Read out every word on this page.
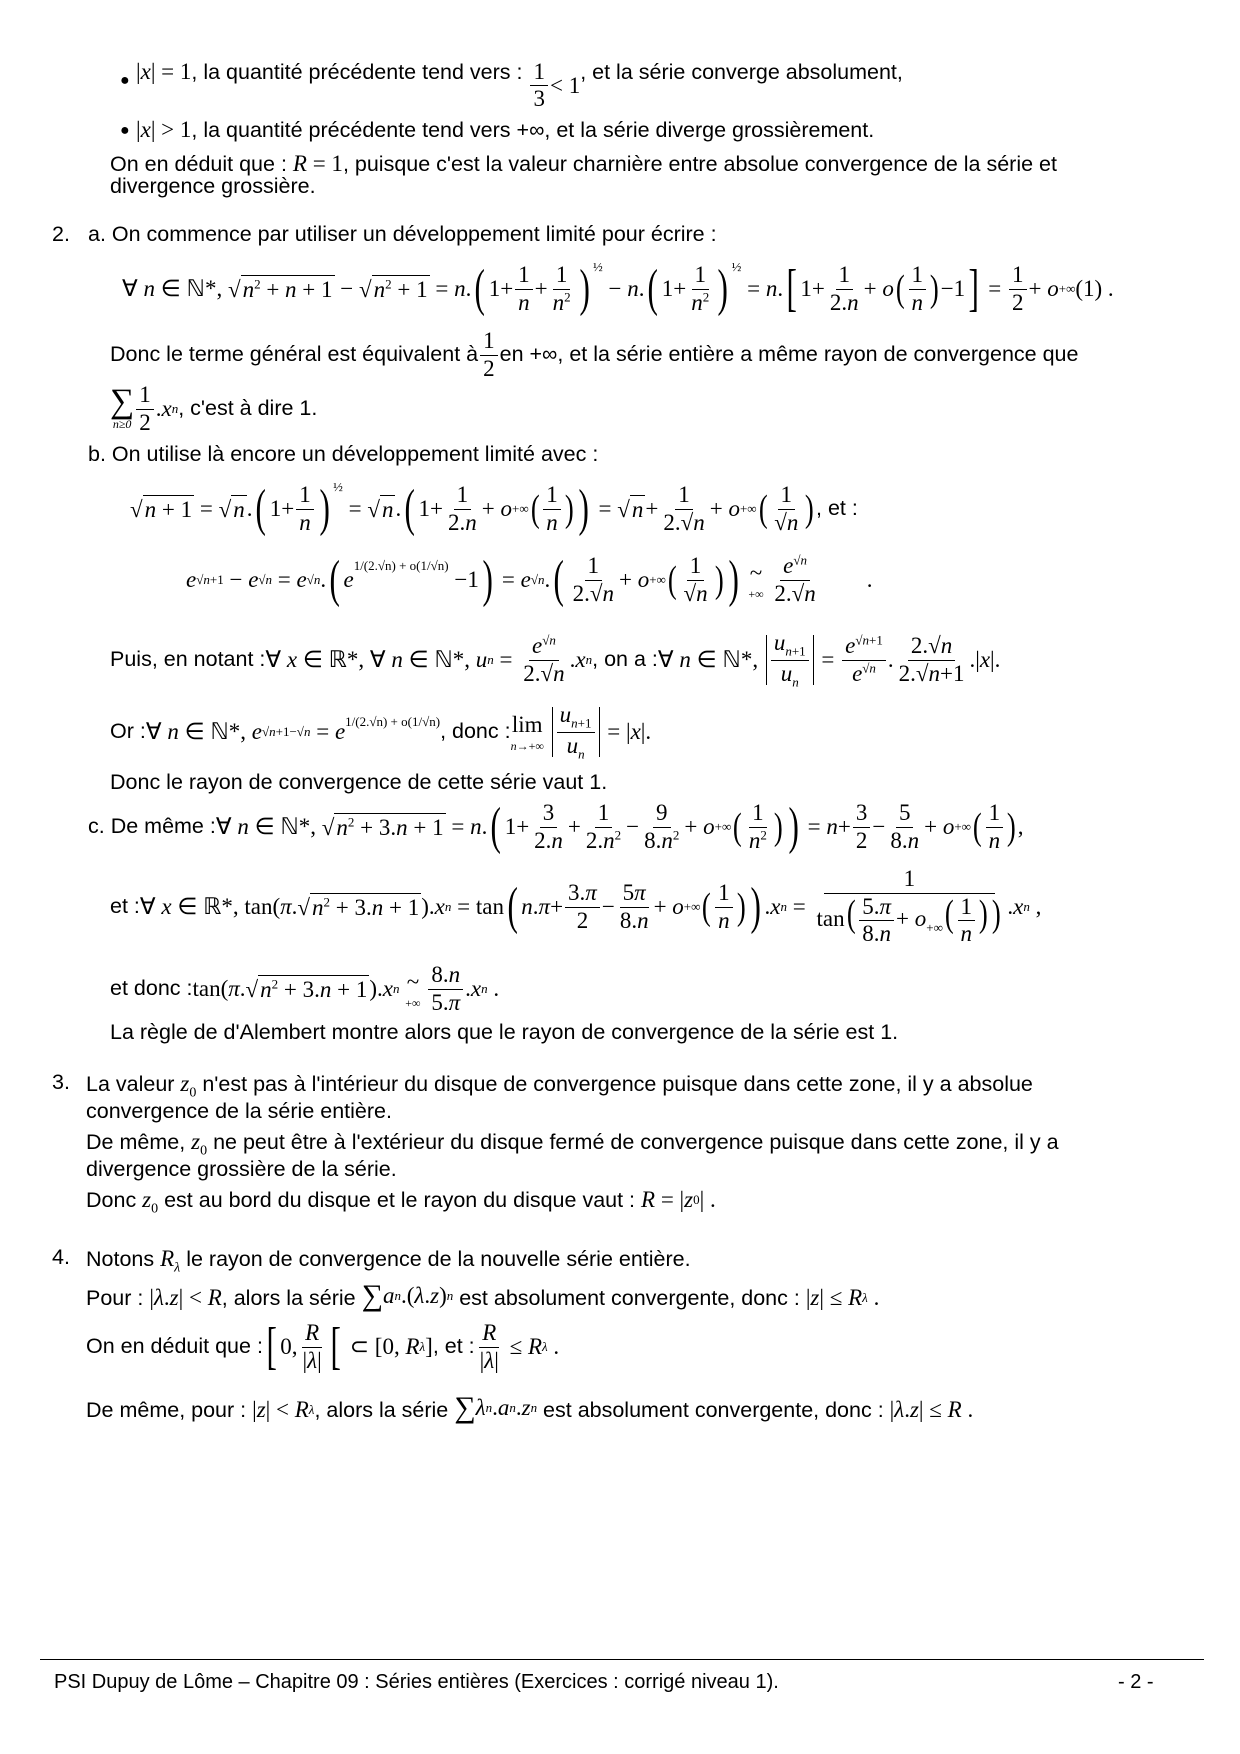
● | x | = 1, la quantité précédente tend vers : $\frac{1}{3} < 1$, et la série converge absolument,
● | x | > 1, la quantité précédente tend vers +∞, et la série diverge grossièrement.
On en déduit que : R = 1, puisque c'est la valeur charnière entre absolue convergence de la série et
divergence grossière.
2. a. On commence par utiliser un développement limité pour écrire :
∀ n ∈ ℕ*, √ $n^2 + n + 1$ − √ $n^2 + 1 = n$ . ( $1+ \frac{1}{n} + \frac{1}{n^2}$ ) $^{\frac{1}{2}}$
− n . ( $1+ \frac{1}{n^2}$ ) $^{\frac{1}{2}}$
= n . [ $1+ \frac{1}{2.n} + o$ ( $\frac{1}{n}$ ) −1 ] = $\frac{1}{2} + o$ +∞ (1) .
Donc le terme général est équivalent à $\frac{1}{2}$ en +∞, et la série entière a même rayon de convergence que
∑
$n\ge 0 \frac{1}{2}$ . x n , c'est à dire 1.
b. On utilise là encore un développement limité avec :
√ n + 1 = √ n . ( $1+ \frac{1}{n}$ ) $^{\frac{1}{2}}$
= √ n . ( $1+ \frac{1}{2.n} + o$ +∞ ( $\frac{1}{n}$ ) ) = √ $n + \frac{1}{2.√n} + o$ +∞ ( $\frac{1}{√n}$ ) , et :
e √n+1 − e √n = e √n . ( e
$^{1/(2.√n) + o(1/√n)}$
−1 ) = e √n . ( $\frac{1}{2.√n} + o$ +∞ ( $\frac{1}{√n}$ ) )
~
+∞
$\frac{e^{√n}}{2.√n}$ .
Puis, en notant : ∀ x ∈ ℝ*, ∀ n ∈ ℕ*, u $n = \frac{e^{√n}}{2.√n}$ . x n , on a : ∀ n ∈ ℕ*, $\frac{u_{n+1}}{u_n} = \frac{e^{√n+1}}{e^{√n}}$ . $\frac{2.√n}{2.√n+1}$ .| x |.
Or : ∀ n ∈ ℕ*, e $√n+1-√n = e^{1/(2.√n) + o(1/√n)}$ , donc : lim
n→+∞
$\frac{u_{n+1}}{u_n}$ = | x |.
Donc le rayon de convergence de cette série vaut 1.
c. De même : ∀ n ∈ ℕ*, √ $n^2 + 3.n + 1 = n$ . ( $1+ \frac{3}{2.n} + \frac{1}{2.n^2} - \frac{9}{8.n^2} + o$ +∞ ( $\frac{1}{n^2}$ ) ) = $n + \frac{3}{2} - \frac{5}{8.n} + o$ +∞ ( $\frac{1}{n}$ ) ,
et : ∀ x ∈ ℝ*, tan( π . √ $n^2 + 3.n + 1$ ). x n = tan ( n . $\pi + \frac{3.\pi}{2} - \frac{5\pi}{8.n} + o$ +∞ ( $\frac{1}{n}$ ) ) . x $n = \frac{1}{\tan( \frac{5.\pi}{8.n} + o_{+\infty}( \frac{1}{n} ))}$ . x n ,
et donc : tan( π . √ $n^2 + 3.n + 1$ ). x n
~
+∞
$\frac{8.n}{5.\pi}$ . x n .
La règle de d'Alembert montre alors que le rayon de convergence de la série est 1.
3. La valeur $z_0$ n'est pas à l'intérieur du disque de convergence puisque dans cette zone, il y a absolue
convergence de la série entière.
De même, $z_0$ ne peut être à l'extérieur du disque fermé de convergence puisque dans cette zone, il y a
divergence grossière de la série.
Donc $z_0$ est au bord du disque et le rayon du disque vaut : R = | z 0 | .
4. Notons $R_\lambda$ le rayon de convergence de la nouvelle série entière.
Pour : | λ . z | < R , alors la série ∑ a n .( λ . z ) n est absolument convergente, donc : | z | ≤ R λ .
On en déduit que : [ 0, $\frac{R}{|\lambda|}$ [ ⊂ [0, R λ ] , et : $\frac{R}{|\lambda|} \le R$ λ .
De même, pour : | z | < R λ , alors la série ∑ λ n . a n . z n est absolument convergente, donc : | λ . z | ≤ R .
PSI Dupuy de Lôme – Chapitre 09 : Séries entières (Exercices : corrigé niveau 1).	- 2 -
